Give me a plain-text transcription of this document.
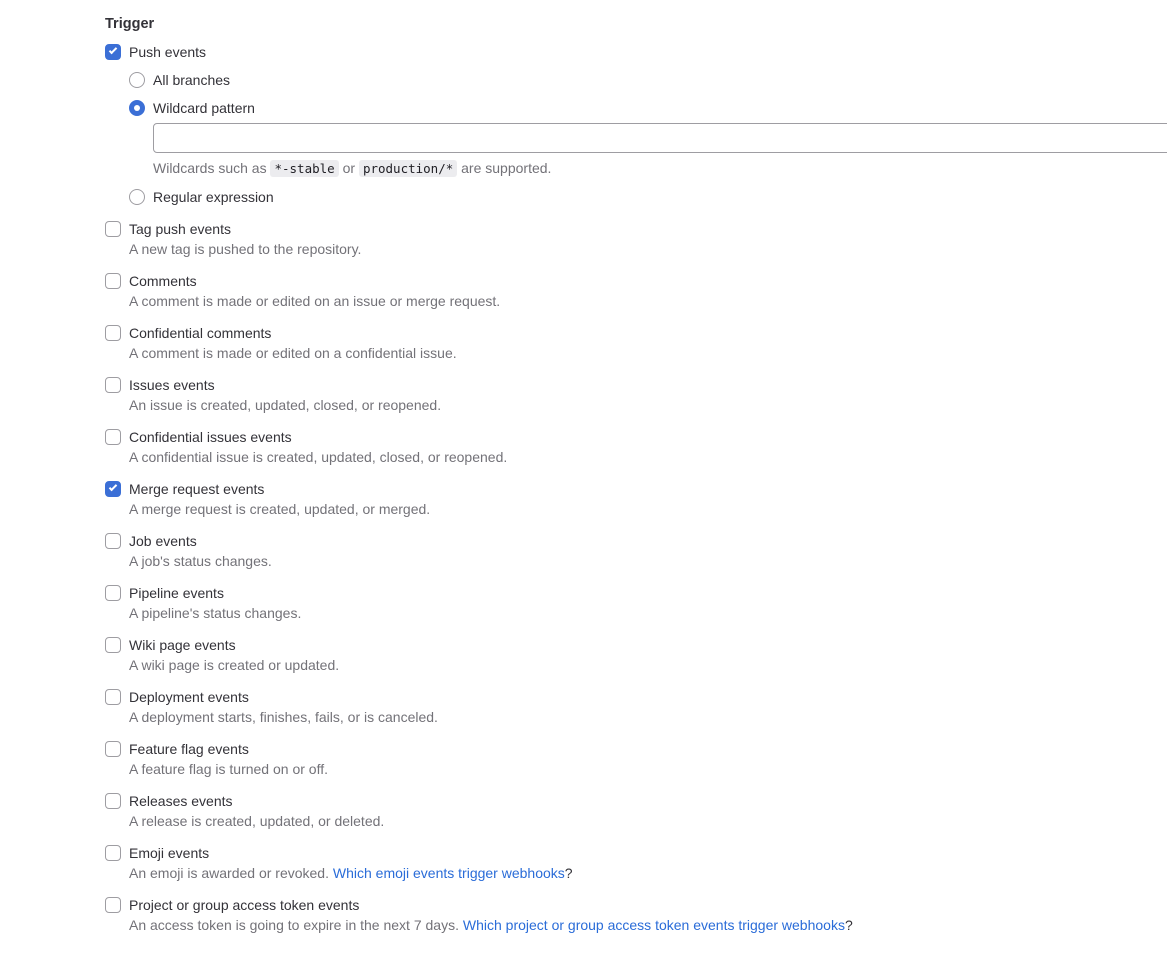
Trigger
Push events
All branches
Wildcard pattern
Wildcards such as *-stable or production/* are supported.
Regular expression
Tag push events
A new tag is pushed to the repository.
Comments
A comment is made or edited on an issue or merge request.
Confidential comments
A comment is made or edited on a confidential issue.
Issues events
An issue is created, updated, closed, or reopened.
Confidential issues events
A confidential issue is created, updated, closed, or reopened.
Merge request events
A merge request is created, updated, or merged.
Job events
A job's status changes.
Pipeline events
A pipeline's status changes.
Wiki page events
A wiki page is created or updated.
Deployment events
A deployment starts, finishes, fails, or is canceled.
Feature flag events
A feature flag is turned on or off.
Releases events
A release is created, updated, or deleted.
Emoji events
An emoji is awarded or revoked. Which emoji events trigger webhooks?
Project or group access token events
An access token is going to expire in the next 7 days. Which project or group access token events trigger webhooks?
